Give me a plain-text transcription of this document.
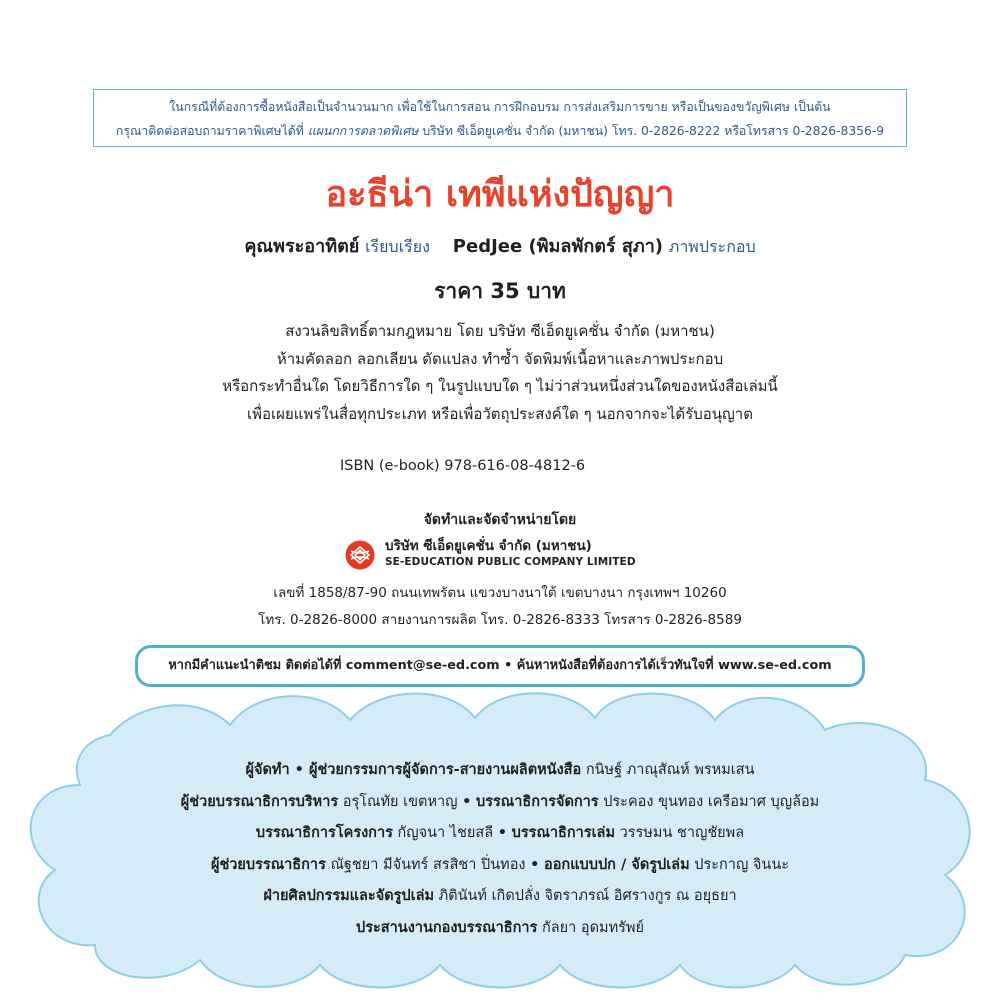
ในกรณีที่ต้องการซื้อหนังสือเป็นจำนวนมาก เพื่อใช้ในการสอน การฝึกอบรม การส่งเสริมการขาย หรือเป็นของขวัญพิเศษ เป็นต้น
กรุณาติดต่อสอบถามราคาพิเศษได้ที่ แผนกการตลาดพิเศษ บริษัท ซีเอ็ดยูเคชั่น จำกัด (มหาชน) โทร. 0-2826-8222 หรือโทรสาร 0-2826-8356-9
อะธีน่า เทพีแห่งปัญญา
คุณพระอาทิตย์ เรียบเรียง PedJee (พิมลพักตร์ สุภา) ภาพประกอบ
ราคา 35 บาท
สงวนลิขสิทธิ์ตามกฎหมาย โดย บริษัท ซีเอ็ดยูเคชั่น จำกัด (มหาชน)
ห้ามคัดลอก ลอกเลียน ดัดแปลง ทำซ้ำ จัดพิมพ์เนื้อหาและภาพประกอบ
หรือกระทำอื่นใด โดยวิธีการใด ๆ ในรูปแบบใด ๆ ไม่ว่าส่วนหนึ่งส่วนใดของหนังสือเล่มนี้
เพื่อเผยแพร่ในสื่อทุกประเภท หรือเพื่อวัตถุประสงค์ใด ๆ นอกจากจะได้รับอนุญาต
ISBN (e-book) 978-616-08-4812-6
จัดทำและจัดจำหน่ายโดย
บริษัท ซีเอ็ดยูเคชั่น จำกัด (มหาชน)
SE-EDUCATION PUBLIC COMPANY LIMITED
เลขที่ 1858/87-90 ถนนเทพรัตน แขวงบางนาใต้ เขตบางนา กรุงเทพฯ 10260
โทร. 0-2826-8000 สายงานการผลิต โทร. 0-2826-8333 โทรสาร 0-2826-8589
หากมีคำแนะนำติชม ติดต่อได้ที่ comment@se-ed.com • ค้นหาหนังสือที่ต้องการได้เร็วทันใจที่ www.se-ed.com
ผู้จัดทำ • ผู้ช่วยกรรมการผู้จัดการ-สายงานผลิตหนังสือ กนิษฐ์ ภาณุสัณห์ พรหมเสน
ผู้ช่วยบรรณาธิการบริหาร อรุโณทัย เขตหาญ • บรรณาธิการจัดการ ประคอง ขุนทอง เครือมาศ บุญล้อม
บรรณาธิการโครงการ กัญจนา ไชยสลี • บรรณาธิการเล่ม วรรษมน ชาญชัยพล
ผู้ช่วยบรรณาธิการ ณัฐชยา มีจันทร์ สรสิชา ปิ่นทอง • ออกแบบปก / จัดรูปเล่ม ประกาญ จินนะ
ฝ่ายศิลปกรรมและจัดรูปเล่ม ภิตินันท์ เกิดปลั่ง จิตราภรณ์ อิศรางกูร ณ อยุธยา
ประสานงานกองบรรณาธิการ กัลยา อุดมทรัพย์
